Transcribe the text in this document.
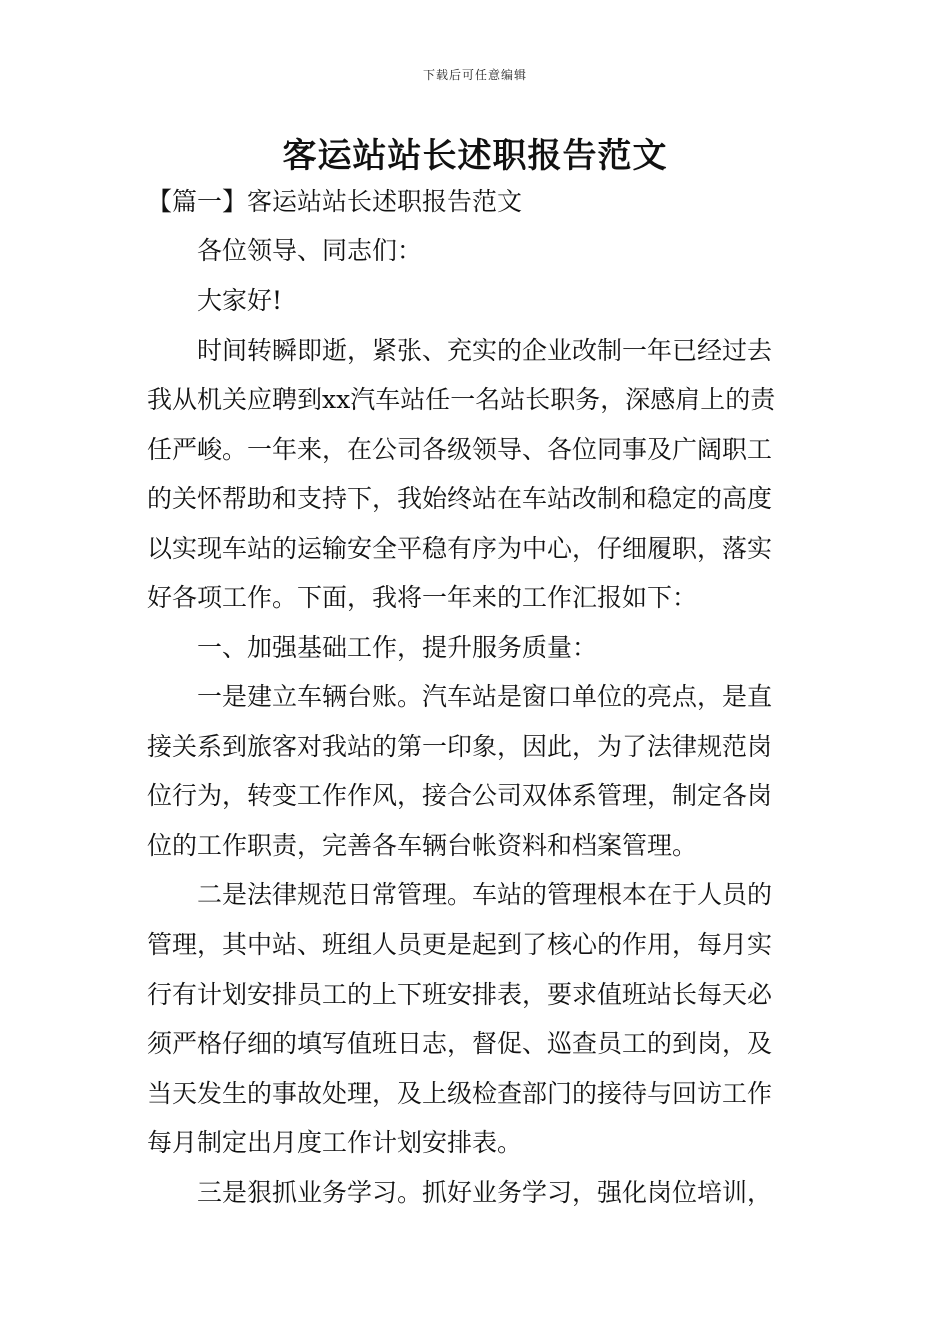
下载后可任意编辑
客运站站长述职报告范文
【篇一】客运站站长述职报告范文
各位领导、同志们：
大家好!
时间转瞬即逝，紧张、充实的企业改制一年已经过去
我从机关应聘到xx汽车站任一名站长职务，深感肩上的责
任严峻。一年来，在公司各级领导、各位同事及广阔职工
的关怀帮助和支持下，我始终站在车站改制和稳定的高度
以实现车站的运输安全平稳有序为中心，仔细履职，落实
好各项工作。下面，我将一年来的工作汇报如下：
一、加强基础工作，提升服务质量：
一是建立车辆台账。汽车站是窗口单位的亮点，是直
接关系到旅客对我站的第一印象，因此，为了法律规范岗
位行为，转变工作作风，接合公司双体系管理，制定各岗
位的工作职责，完善各车辆台帐资料和档案管理。
二是法律规范日常管理。车站的管理根本在于人员的
管理，其中站、班组人员更是起到了核心的作用，每月实
行有计划安排员工的上下班安排表，要求值班站长每天必
须严格仔细的填写值班日志，督促、巡查员工的到岗，及
当天发生的事故处理，及上级检查部门的接待与回访工作
每月制定出月度工作计划安排表。
三是狠抓业务学习。抓好业务学习，强化岗位培训，
